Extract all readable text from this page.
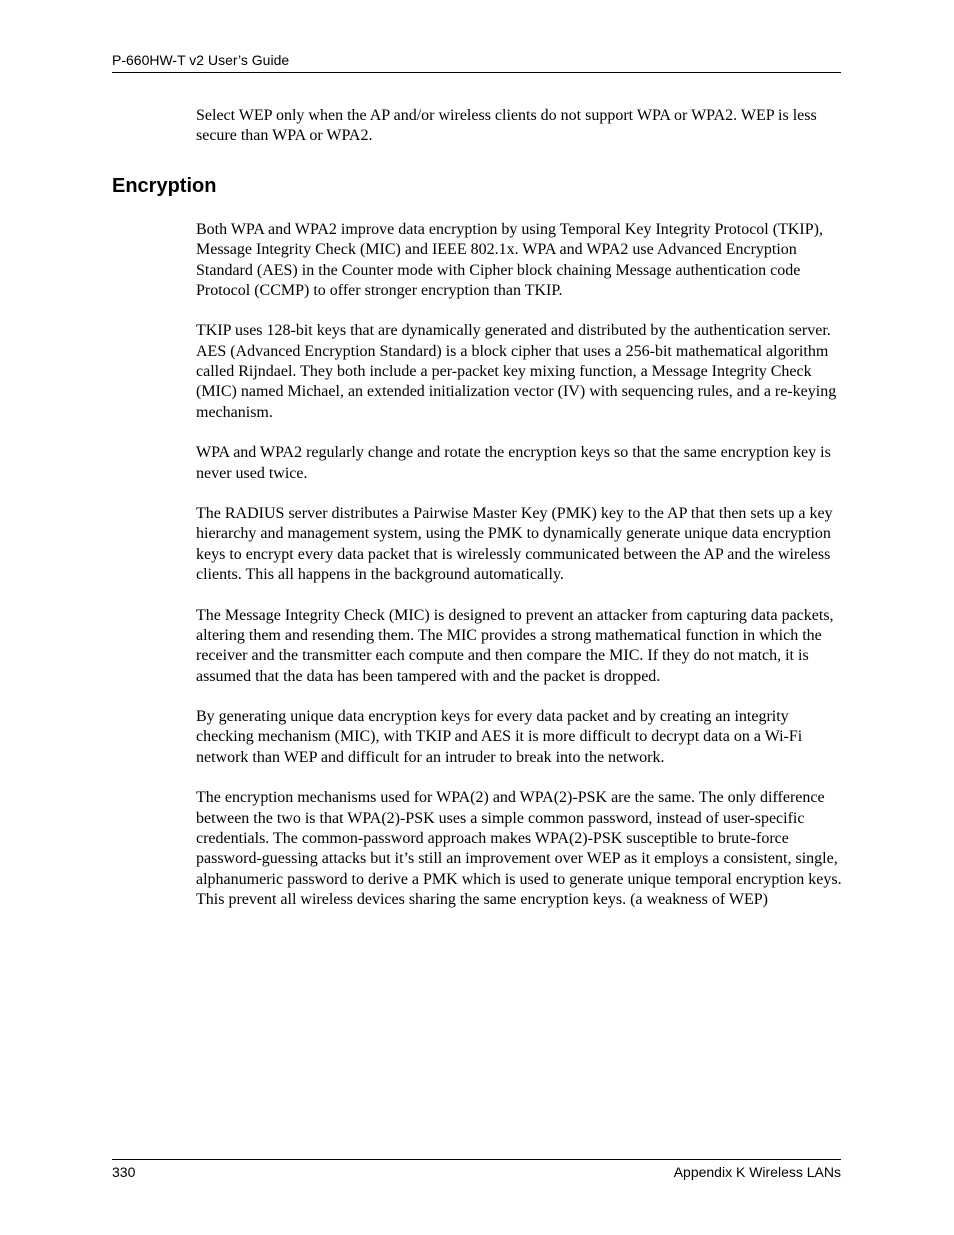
P-660HW-T v2 User’s Guide

Select WEP only when the AP and/or wireless clients do not support WPA or WPA2. WEP is less secure than WPA or WPA2.

Encryption

Both WPA and WPA2 improve data encryption by using Temporal Key Integrity Protocol (TKIP), Message Integrity Check (MIC) and IEEE 802.1x. WPA and WPA2 use Advanced Encryption Standard (AES) in the Counter mode with Cipher block chaining Message authentication code Protocol (CCMP) to offer stronger encryption than TKIP.

TKIP uses 128-bit keys that are dynamically generated and distributed by the authentication server. AES (Advanced Encryption Standard) is a block cipher that uses a 256-bit mathematical algorithm called Rijndael. They both include a per-packet key mixing function, a Message Integrity Check (MIC) named Michael, an extended initialization vector (IV) with sequencing rules, and a re-keying mechanism.

WPA and WPA2 regularly change and rotate the encryption keys so that the same encryption key is never used twice.

The RADIUS server distributes a Pairwise Master Key (PMK) key to the AP that then sets up a key hierarchy and management system, using the PMK to dynamically generate unique data encryption keys to encrypt every data packet that is wirelessly communicated between the AP and the wireless clients. This all happens in the background automatically.

The Message Integrity Check (MIC) is designed to prevent an attacker from capturing data packets, altering them and resending them. The MIC provides a strong mathematical function in which the receiver and the transmitter each compute and then compare the MIC. If they do not match, it is assumed that the data has been tampered with and the packet is dropped.

By generating unique data encryption keys for every data packet and by creating an integrity checking mechanism (MIC), with TKIP and AES it is more difficult to decrypt data on a Wi-Fi network than WEP and difficult for an intruder to break into the network.

The encryption mechanisms used for WPA(2) and WPA(2)-PSK are the same. The only difference between the two is that WPA(2)-PSK uses a simple common password, instead of user-specific credentials. The common-password approach makes WPA(2)-PSK susceptible to brute-force password-guessing attacks but it’s still an improvement over WEP as it employs a consistent, single, alphanumeric password to derive a PMK which is used to generate unique temporal encryption keys. This prevent all wireless devices sharing the same encryption keys. (a weakness of WEP)

330	Appendix K Wireless LANs
